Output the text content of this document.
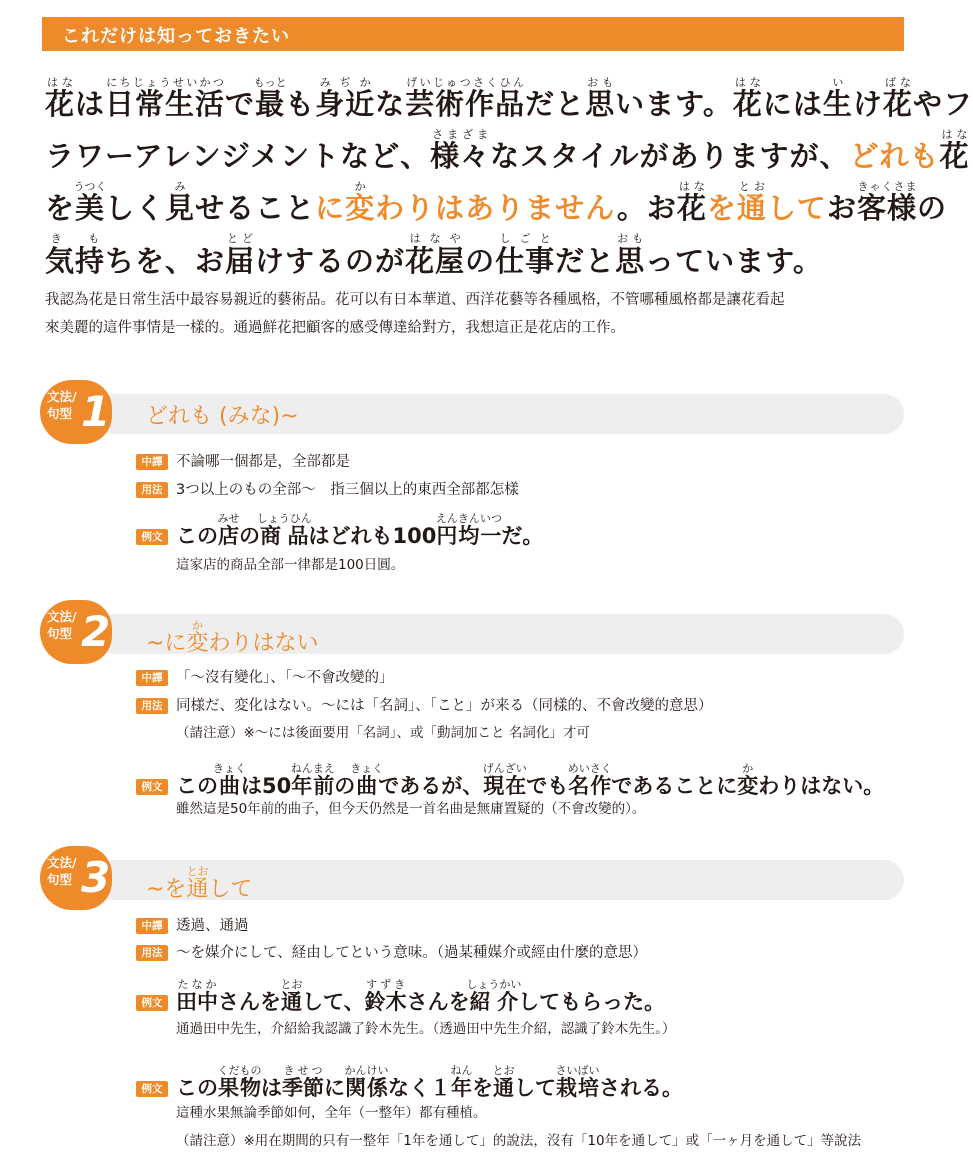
これだけは知っておきたい
花はなは日常生活にちじょうせいかつで最もっとも身近みぢかな芸術作品げいじゅつさくひんだと思おもいます。花はなには生いけ花ばなやフ
ラワーアレンジメントなど、様々さまざまなスタイルがありますが、どれも花はな
を美うつくしく見みせることに変かわりはありません。お花はなを通とおしてお客様きゃくさまの
気持き もちを、お届とどけするのが花屋はなやの仕事しごとだと思おもっています。
我認為花是日常生活中最容易親近的藝術品。花可以有日本華道、西洋花藝等各種風格，不管哪種風格都是讓花看起
來美麗的這件事情是一樣的。通過鮮花把顧客的感受傳達給對方，我想這正是花店的工作。
文法/
句型 1 どれも (みな)~
中譯 不論哪一個都是，全部都是
用法 3つ以上のもの全部〜　指三個以上的東西全部都怎樣
例文 この店みせの商品しょうひんはどれも100円均一えんきんいつだ。
這家店的商品全部一律都是100日圓。
文法/
句型 2 ~に変かわりはない
中譯 「〜沒有變化」、「〜不會改變的」
用法 同様だ、変化はない。〜には「名詞」、「こと」が来る（同樣的、不會改變的意思）
（請注意）※〜には後面要用「名詞」、或「動詞加こと 名詞化」才可
例文 この曲きょくは50年前ねんまえの曲きょくであるが、現在げんざいでも名作めいさくであることに変かわりはない。
雖然這是50年前的曲子，但今天仍然是一首名曲是無庸置疑的（不會改變的）。
文法/
句型 3 ~を通とおして
中譯 透過、通過
用法 〜を媒介にして、経由してという意味。（過某種媒介或經由什麼的意思）
例文 田中たなかさんを通とおして、鈴木すずきさんを紹介しょうかいしてもらった。
通過田中先生，介紹給我認識了鈴木先生。（透過田中先生介紹，認識了鈴木先生。）
例文 この果物くだものは季節きせつに関係かんけいなく１年ねんを通とおして栽培さいばいされる。
這種水果無論季節如何，全年（一整年）都有種植。
（請注意）※用在期間的只有一整年「1年を通して」的說法，沒有「10年を通して」或「一ヶ月を通して」等說法
